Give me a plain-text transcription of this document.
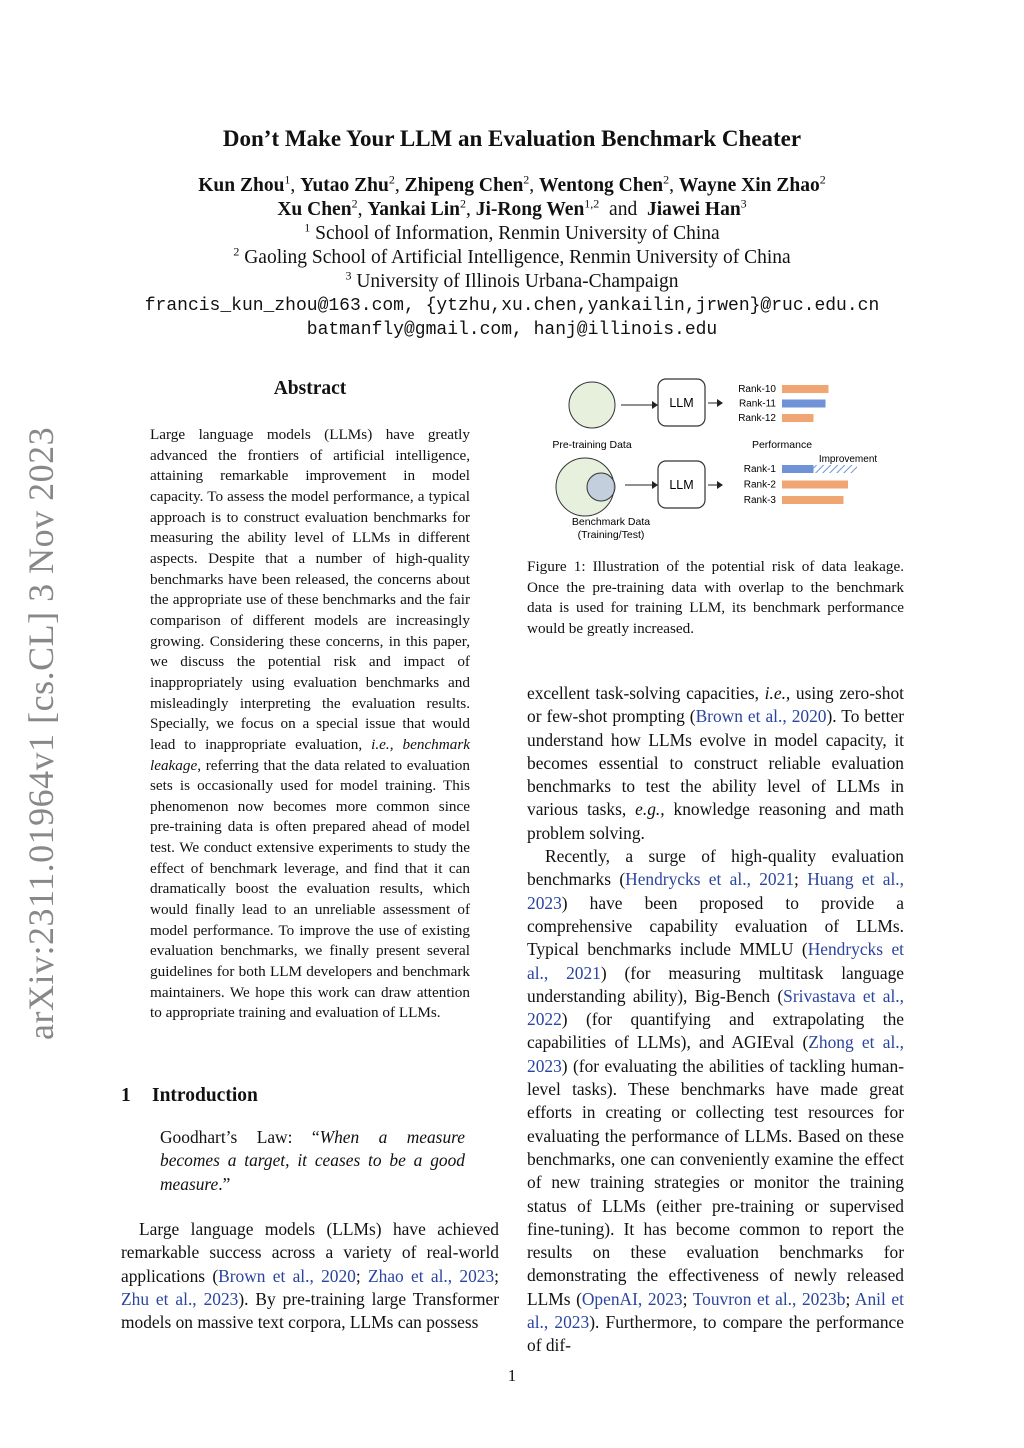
arXiv:2311.01964v1 [cs.CL] 3 Nov 2023
Don’t Make Your LLM an Evaluation Benchmark Cheater
Kun Zhou$^1$, Yutao Zhu$^2$, Zhipeng Chen$^2$, Wentong Chen$^2$, Wayne Xin Zhao$^2$
Xu Chen$^2$, Yankai Lin$^2$, Ji-Rong Wen$^{1,2}$ and Jiawei Han$^3$
$^1$ School of Information, Renmin University of China
$^2$ Gaoling School of Artificial Intelligence, Renmin University of China
$^3$ University of Illinois Urbana-Champaign
francis_kun_zhou@163.com, {ytzhu,xu.chen,yankailin,jrwen}@ruc.edu.cn
batmanfly@gmail.com, hanj@illinois.edu
Abstract
Large language models (LLMs) have greatly advanced the frontiers of artificial intelligence, attaining remarkable improvement in model capacity. To assess the model performance, a typical approach is to construct evaluation benchmarks for measuring the ability level of LLMs in different aspects. Despite that a number of high-quality benchmarks have been released, the concerns about the appropriate use of these benchmarks and the fair comparison of different models are increasingly growing. Considering these concerns, in this paper, we discuss the potential risk and impact of inappropriately using evaluation benchmarks and misleadingly interpreting the evaluation results. Specially, we focus on a special issue that would lead to inappropriate evaluation, i.e., benchmark leakage, referring that the data related to evaluation sets is occasionally used for model training. This phenomenon now becomes more common since pre-training data is often prepared ahead of model test. We conduct extensive experiments to study the effect of benchmark leverage, and find that it can dramatically boost the evaluation results, which would finally lead to an unreliable assessment of model performance. To improve the use of existing evaluation benchmarks, we finally present several guidelines for both LLM developers and benchmark maintainers. We hope this work can draw attention to appropriate training and evaluation of LLMs.
1 Introduction
Goodhart’s Law: “When a measure becomes a target, it ceases to be a good measure.”

Large language models (LLMs) have achieved remarkable success across a variety of real-world applications (Brown et al., 2020; Zhao et al., 2023; Zhu et al., 2023). By pre-training large Transformer models on massive text corpora, LLMs can possess

Pre-training Data
Benchmark Data
(Training/Test)
LLM
LLM
Performance
Improvement
Rank-10
Rank-11
Rank-12
Rank-1
Rank-2
Rank-3
Figure 1: Illustration of the potential risk of data leakage. Once the pre-training data with overlap to the benchmark data is used for training LLM, its benchmark performance would be greatly increased.

excellent task-solving capacities, i.e., using zero-shot or few-shot prompting (Brown et al., 2020). To better understand how LLMs evolve in model capacity, it becomes essential to construct reliable evaluation benchmarks to test the ability level of LLMs in various tasks, e.g., knowledge reasoning and math problem solving.

Recently, a surge of high-quality evaluation benchmarks (Hendrycks et al., 2021; Huang et al., 2023) have been proposed to provide a comprehensive capability evaluation of LLMs. Typical benchmarks include MMLU (Hendrycks et al., 2021) (for measuring multitask language understanding ability), Big-Bench (Srivastava et al., 2022) (for quantifying and extrapolating the capabilities of LLMs), and AGIEval (Zhong et al., 2023) (for evaluating the abilities of tackling human-level tasks). These benchmarks have made great efforts in creating or collecting test resources for evaluating the performance of LLMs. Based on these benchmarks, one can conveniently examine the effect of new training strategies or monitor the training status of LLMs (either pre-training or supervised fine-tuning). It has become common to report the results on these evaluation benchmarks for demonstrating the effectiveness of newly released LLMs (OpenAI, 2023; Touvron et al., 2023b; Anil et al., 2023). Furthermore, to compare the performance of dif-

1
